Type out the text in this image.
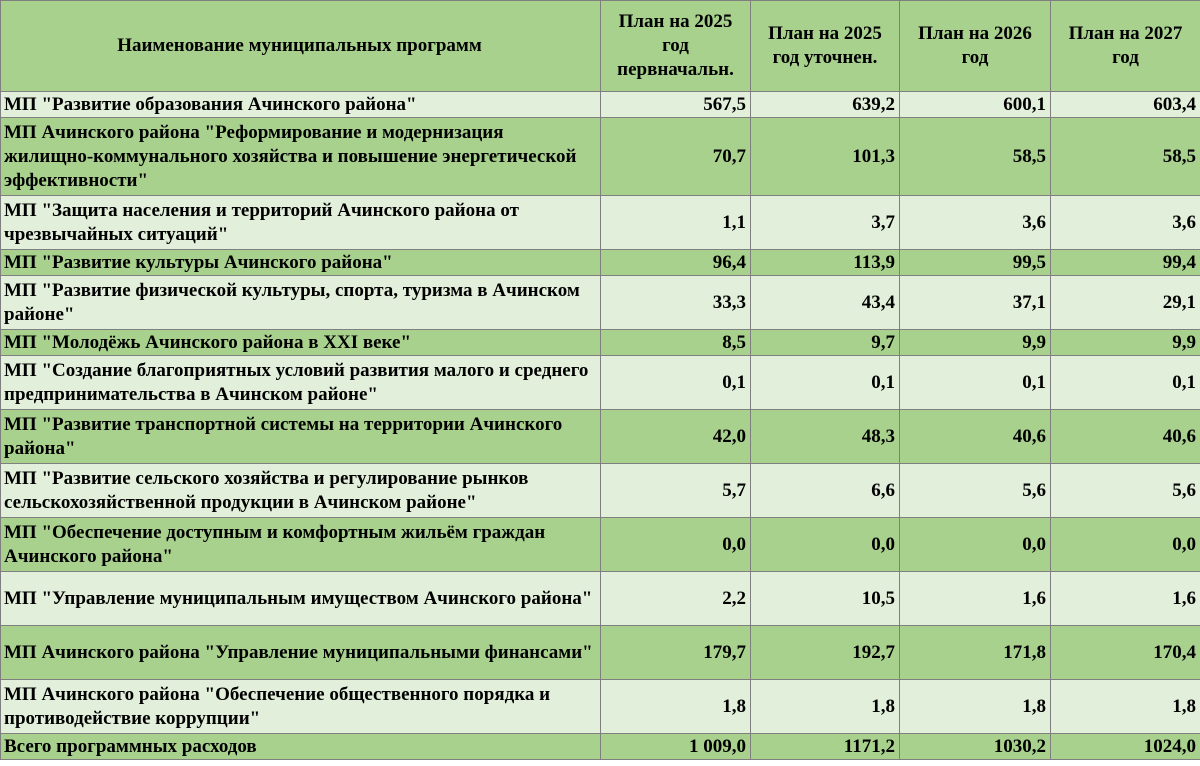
Наименование муниципальных программ	План на 2025 год первначальн.	План на 2025 год уточнен.	План на 2026 год	План на 2027 год
МП "Развитие образования Ачинского района"	567,5	639,2	600,1	603,4
МП Ачинского района "Реформирование и модернизация жилищно-коммунального хозяйства и повышение энергетической эффективности"	70,7	101,3	58,5	58,5
МП "Защита населения и территорий Ачинского района от чрезвычайных ситуаций"	1,1	3,7	3,6	3,6
МП "Развитие культуры Ачинского района"	96,4	113,9	99,5	99,4
МП "Развитие физической культуры, спорта, туризма в Ачинском районе"	33,3	43,4	37,1	29,1
МП "Молодёжь Ачинского района в XXI веке"	8,5	9,7	9,9	9,9
МП "Создание благоприятных условий развития малого и среднего предпринимательства в Ачинском районе"	0,1	0,1	0,1	0,1
МП "Развитие транспортной системы на территории Ачинского района"	42,0	48,3	40,6	40,6
МП "Развитие сельского хозяйства и регулирование рынков сельскохозяйственной продукции в Ачинском районе"	5,7	6,6	5,6	5,6
МП "Обеспечение доступным и комфортным жильём граждан Ачинского района"	0,0	0,0	0,0	0,0
МП "Управление муниципальным имуществом Ачинского района"	2,2	10,5	1,6	1,6
МП Ачинского района "Управление муниципальными финансами"	179,7	192,7	171,8	170,4
МП Ачинского района "Обеспечение общественного порядка и противодействие коррупции"	1,8	1,8	1,8	1,8
Всего программных расходов	1 009,0	1171,2	1030,2	1024,0
